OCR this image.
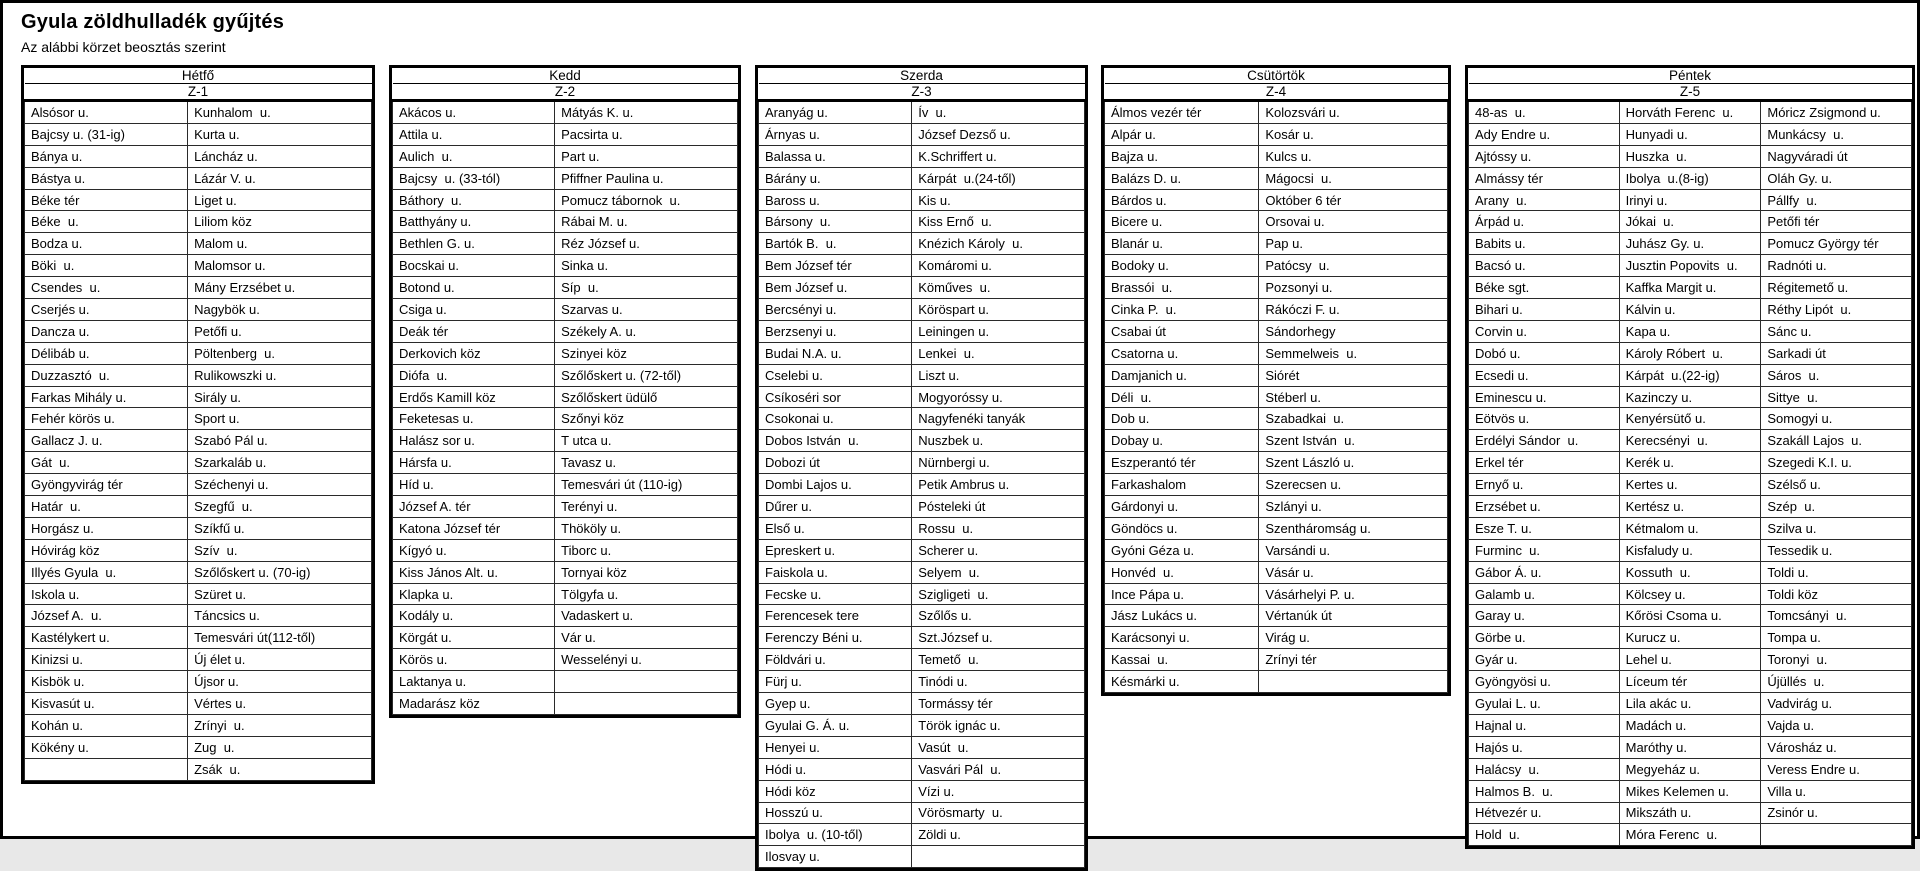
Gyula zöldhulladék gyűjtés
Az alábbi körzet beosztás szerint
Hétfő	
Z-1	
Alsósor u.	Kunhalom  u.
Bajcsy u. (31-ig)	Kurta u.
Bánya u.	Láncház u.
Bástya u.	Lázár V. u.
Béke tér	Liget u.
Béke  u.	Liliom köz
Bodza u.	Malom u.
Böki  u.	Malomsor u.
Csendes  u.	Mány Erzsébet u.
Cserjés u.	Nagybök u.
Dancza u.	Petőfi u.
Délibáb u.	Pöltenberg  u.
Duzzasztó  u.	Rulikowszki u.
Farkas Mihály u.	Sirály u.
Fehér körös u.	Sport u.
Gallacz J. u.	Szabó Pál u.
Gát  u.	Szarkaláb u.
Gyöngyvirág tér	Széchenyi u.
Határ  u.	Szegfű  u.
Horgász u.	Szíkfű u.
Hóvirág köz	Szív  u.
Illyés Gyula  u.	Szőlőskert u. (70-ig)
Iskola u.	Szüret u.
József A.  u.	Táncsics u.
Kastélykert u.	Temesvári út(112-től)
Kinizsi u.	Új élet u.
Kisbök u.	Újsor u.
Kisvasút u.	Vértes u.
Kohán u.	Zrínyi  u.
Kökény u.	Zug  u.
	Zsák  u.
Kedd	
Z-2	
Akácos u.	Mátyás K. u.
Attila u.	Pacsirta u.
Aulich  u.	Part u.
Bajcsy  u. (33-tól)	Pfiffner Paulina u.
Báthory  u.	Pomucz tábornok  u.
Batthyány u.	Rábai M. u.
Bethlen G. u.	Réz József u.
Bocskai u.	Sinka u.
Botond u.	Síp  u.
Csiga u.	Szarvas u.
Deák tér	Székely A. u.
Derkovich köz	Szinyei köz
Diófa  u.	Szőlőskert u. (72-től)
Erdős Kamill köz	Szőlőskert üdülő
Feketesas u.	Szőnyi köz
Halász sor u.	T utca u.
Hársfa u.	Tavasz u.
Híd u.	Temesvári út (110-ig)
József A. tér	Terényi u.
Katona József tér	Thököly u.
Kígyó u.	Tiborc u.
Kiss János Alt. u.	Tornyai köz
Klapka u.	Tölgyfa u.
Kodály u.	Vadaskert u.
Körgát u.	Vár u.
Körös u.	Wesselényi u.
Laktanya u.	
Madarász köz	
Szerda	
Z-3	
Aranyág u.	Ív  u.
Árnyas u.	József Dezső u.
Balassa u.	K.Schriffert u.
Bárány u.	Kárpát  u.(24-től)
Baross u.	Kis u.
Bársony  u.	Kiss Ernő  u.
Bartók B.  u.	Knézich Károly  u.
Bem József tér	Komáromi u.
Bem József u.	Köműves  u.
Bercsényi u.	Köröspart u.
Berzsenyi u.	Leiningen u.
Budai N.A. u.	Lenkei  u.
Cselebi u.	Liszt u.
Csíkoséri sor	Mogyoróssy u.
Csokonai u.	Nagyfenéki tanyák
Dobos István  u.	Nuszbek u.
Dobozi út	Nürnbergi u.
Dombi Lajos u.	Petik Ambrus u.
Dűrer u.	Pósteleki út
Első u.	Rossu  u.
Epreskert u.	Scherer u.
Faiskola u.	Selyem  u.
Fecske u.	Szigligeti  u.
Ferencesek tere	Szőlős u.
Ferenczy Béni u.	Szt.József u.
Földvári u.	Temető  u.
Fürj u.	Tinódi u.
Gyep u.	Tormássy tér
Gyulai G. Á. u.	Török ignác u.
Henyei u.	Vasút  u.
Hódi u.	Vasvári Pál  u.
Hódi köz	Vízi u.
Hosszú u.	Vörösmarty  u.
Ibolya  u. (10-től)	Zöldi u.
Ilosvay u.	
Csütörtök	
Z-4	
Álmos vezér tér	Kolozsvári u.
Alpár u.	Kosár u.
Bajza u.	Kulcs u.
Balázs D. u.	Mágocsi  u.
Bárdos u.	Október 6 tér
Bicere u.	Orsovai u.
Blanár u.	Pap u.
Bodoky u.	Patócsy  u.
Brassói  u.	Pozsonyi u.
Cinka P.  u.	Rákóczi F. u.
Csabai út	Sándorhegy
Csatorna u.	Semmelweis  u.
Damjanich u.	Siórét
Déli  u.	Stéberl u.
Dob u.	Szabadkai  u.
Dobay u.	Szent István  u.
Eszperantó tér	Szent László u.
Farkashalom	Szerecsen u.
Gárdonyi u.	Szlányi u.
Göndöcs u.	Szentháromság u.
Gyóni Géza u.	Varsándi u.
Honvéd  u.	Vásár u.
Ince Pápa u.	Vásárhelyi P. u.
Jász Lukács u.	Vértanúk út
Karácsonyi u.	Virág u.
Kassai  u.	Zrínyi tér
Késmárki u.	
Péntek		
Z-5		
48-as  u.	Horváth Ferenc  u.	Móricz Zsigmond u.
Ady Endre u.	Hunyadi u.	Munkácsy  u.
Ajtóssy u.	Huszka  u.	Nagyváradi út
Almássy tér	Ibolya  u.(8-ig)	Oláh Gy. u.
Arany  u.	Irinyi u.	Pállfy  u.
Árpád u.	Jókai  u.	Petőfi tér
Babits u.	Juhász Gy. u.	Pomucz György tér
Bacsó u.	Jusztin Popovits  u.	Radnóti u.
Béke sgt.	Kaffka Margit u.	Régitemető u.
Bihari u.	Kálvin u.	Réthy Lipót  u.
Corvin u.	Kapa u.	Sánc u.
Dobó u.	Károly Róbert  u.	Sarkadi út
Ecsedi u.	Kárpát  u.(22-ig)	Sáros  u.
Eminescu u.	Kazinczy u.	Sittye  u.
Eötvös u.	Kenyérsütő u.	Somogyi u.
Erdélyi Sándor  u.	Kerecsényi  u.	Szakáll Lajos  u.
Erkel tér	Kerék u.	Szegedi K.I. u.
Ernyő u.	Kertes u.	Szélső u.
Erzsébet u.	Kertész u.	Szép  u.
Esze T. u.	Kétmalom u.	Szilva u.
Furminc  u.	Kisfaludy u.	Tessedik u.
Gábor Á. u.	Kossuth  u.	Toldi u.
Galamb u.	Kölcsey u.	Toldi köz
Garay u.	Kőrösi Csoma u.	Tomcsányi  u.
Görbe u.	Kurucz u.	Tompa u.
Gyár u.	Lehel u.	Toronyi  u.
Gyöngyösi u.	Líceum tér	Újüllés  u.
Gyulai L. u.	Lila akác u.	Vadvirág u.
Hajnal u.	Madách u.	Vajda u.
Hajós u.	Maróthy u.	Városház u.
Halácsy  u.	Megyeház u.	Veress Endre u.
Halmos B.  u.	Mikes Kelemen u.	Villa u.
Hétvezér u.	Mikszáth u.	Zsinór u.
Hold  u.	Móra Ferenc  u.	
